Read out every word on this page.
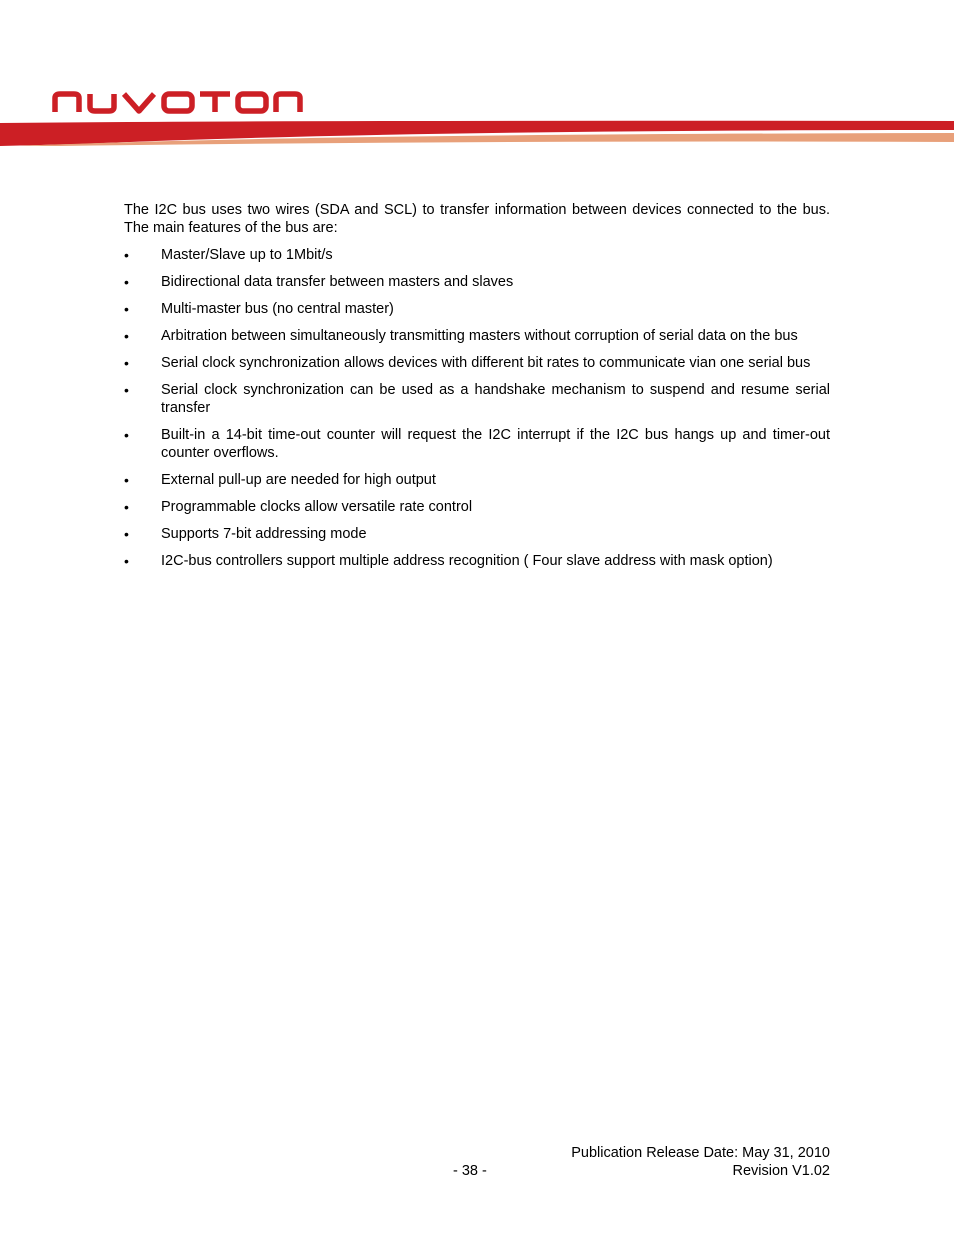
The I2C bus uses two wires (SDA and SCL) to transfer information between devices connected to the bus. The main features of the bus are:

• Master/Slave up to 1Mbit/s
• Bidirectional data transfer between masters and slaves
• Multi-master bus (no central master)
• Arbitration between simultaneously transmitting masters without corruption of serial data on the bus
• Serial clock synchronization allows devices with different bit rates to communicate vian one serial bus
• Serial clock synchronization can be used as a handshake mechanism to suspend and resume serial transfer
• Built-in a 14-bit time-out counter will request the I2C interrupt if the I2C bus hangs up and timer-out counter overflows.
• External pull-up are needed for high output
• Programmable clocks allow versatile rate control
• Supports 7-bit addressing mode
• I2C-bus controllers support multiple address recognition ( Four slave address with mask option)
Publication Release Date: May 31, 2010
- 38 -	Revision V1.02
